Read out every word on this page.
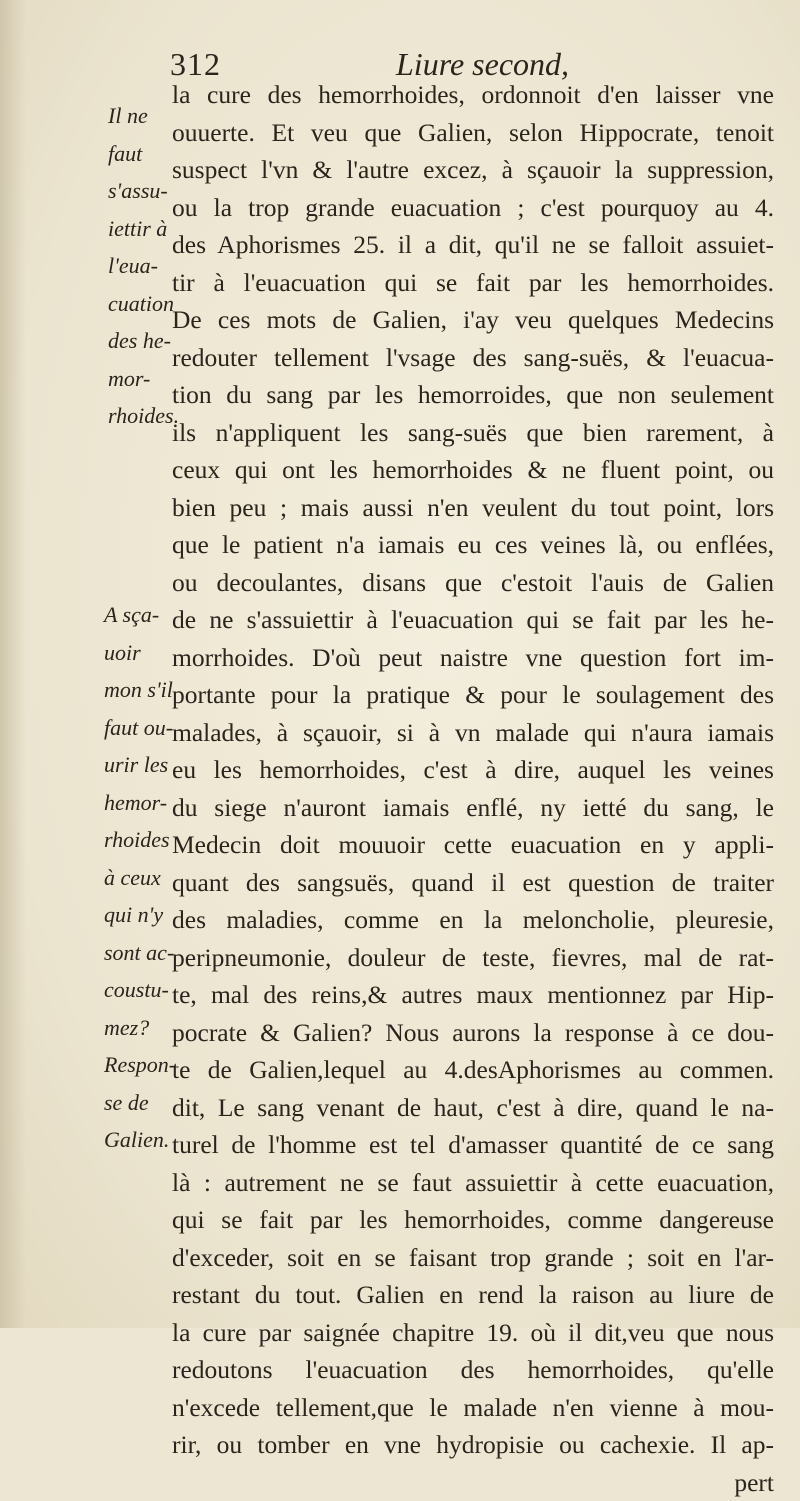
312	Liure second,
Il ne
faut
s'assu-
iettir à
l'eua-
cuation
des he-
mor-
rhoides.
A sça-
uoir
mon s'il
faut ou-
urir les
hemor-
rhoides
à ceux
qui n'y
sont ac-
coustu-
mez?
Respon-
se de
Galien.
la cure des hemorrhoides, ordonnoit d'en laisser vne
ouuerte. Et veu que Galien, selon Hippocrate, tenoit
suspect l'vn & l'autre excez, à sçauoir la suppression,
ou la trop grande euacuation ; c'est pourquoy au 4.
des Aphorismes 25. il a dit, qu'il ne se falloit assuiet-
tir à l'euacuation qui se fait par les hemorrhoides.
De ces mots de Galien, i'ay veu quelques Medecins
redouter tellement l'vsage des sang-suës, & l'euacua-
tion du sang par les hemorroides, que non seulement
ils n'appliquent les sang-suës que bien rarement, à
ceux qui ont les hemorrhoides & ne fluent point, ou
bien peu ; mais aussi n'en veulent du tout point, lors
que le patient n'a iamais eu ces veines là, ou enflées,
ou decoulantes, disans que c'estoit l'auis de Galien
de ne s'assuiettir à l'euacuation qui se fait par les he-
morrhoides. D'où peut naistre vne question fort im-
portante pour la pratique & pour le soulagement des
malades, à sçauoir, si à vn malade qui n'aura iamais
eu les hemorrhoides, c'est à dire, auquel les veines
du siege n'auront iamais enflé, ny ietté du sang, le
Medecin doit mouuoir cette euacuation en y appli-
quant des sangsuës, quand il est question de traiter
des maladies, comme en la meloncholie, pleuresie,
peripneumonie, douleur de teste, fievres, mal de rat-
te, mal des reins,& autres maux mentionnez par Hip-
pocrate & Galien? Nous aurons la response à ce dou-
te de Galien,lequel au 4.desAphorismes au commen.
dit, Le sang venant de haut, c'est à dire, quand le na-
turel de l'homme est tel d'amasser quantité de ce sang
là : autrement ne se faut assuiettir à cette euacuation,
qui se fait par les hemorrhoides, comme dangereuse
d'exceder, soit en se faisant trop grande ; soit en l'ar-
restant du tout. Galien en rend la raison au liure de
la cure par saignée chapitre 19. où il dit,veu que nous
redoutons l'euacuation des hemorrhoides, qu'elle
n'excede tellement,que le malade n'en vienne à mou-
rir, ou tomber en vne hydropisie ou cachexie. Il ap-
pert
